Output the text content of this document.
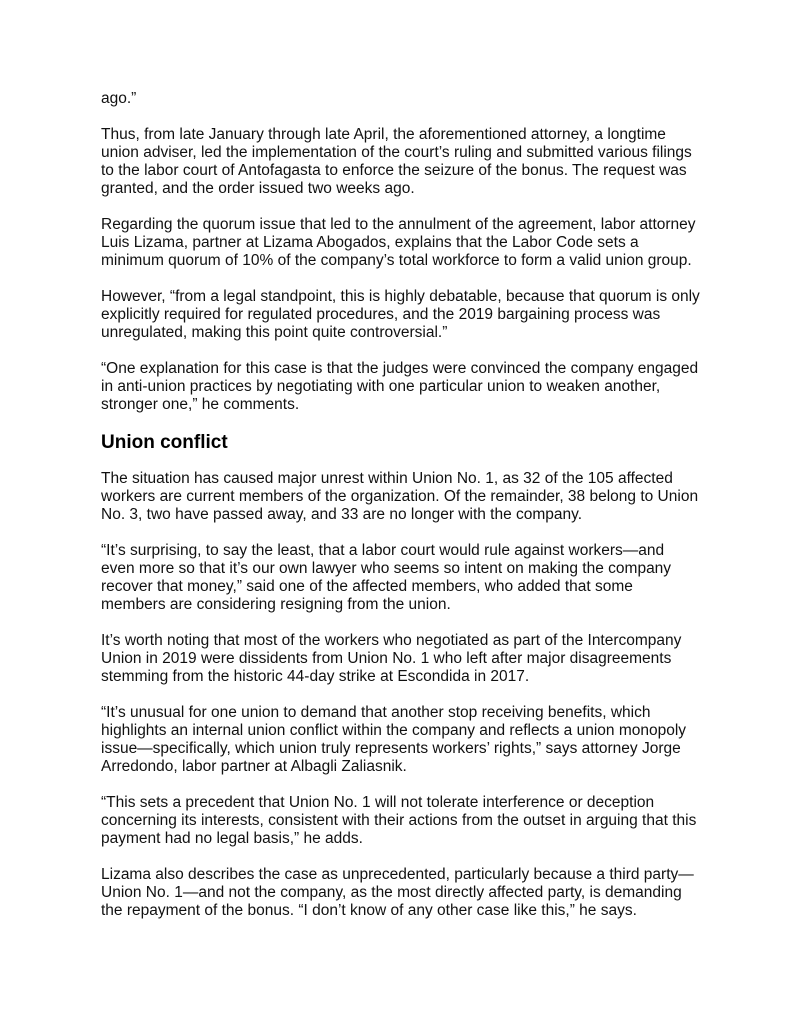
ago.”

Thus, from late January through late April, the aforementioned attorney, a longtime union adviser, led the implementation of the court’s ruling and submitted various filings to the labor court of Antofagasta to enforce the seizure of the bonus. The request was granted, and the order issued two weeks ago.

Regarding the quorum issue that led to the annulment of the agreement, labor attorney Luis Lizama, partner at Lizama Abogados, explains that the Labor Code sets a minimum quorum of 10% of the company’s total workforce to form a valid union group.

However, “from a legal standpoint, this is highly debatable, because that quorum is only explicitly required for regulated procedures, and the 2019 bargaining process was unregulated, making this point quite controversial.”

“One explanation for this case is that the judges were convinced the company engaged in anti-union practices by negotiating with one particular union to weaken another, stronger one,” he comments.

Union conflict

The situation has caused major unrest within Union No. 1, as 32 of the 105 affected workers are current members of the organization. Of the remainder, 38 belong to Union No. 3, two have passed away, and 33 are no longer with the company.

“It’s surprising, to say the least, that a labor court would rule against workers—and even more so that it’s our own lawyer who seems so intent on making the company recover that money,” said one of the affected members, who added that some members are considering resigning from the union.

It’s worth noting that most of the workers who negotiated as part of the Intercompany Union in 2019 were dissidents from Union No. 1 who left after major disagreements stemming from the historic 44-day strike at Escondida in 2017.

“It’s unusual for one union to demand that another stop receiving benefits, which highlights an internal union conflict within the company and reflects a union monopoly issue—specifically, which union truly represents workers’ rights,” says attorney Jorge Arredondo, labor partner at Albagli Zaliasnik.

“This sets a precedent that Union No. 1 will not tolerate interference or deception concerning its interests, consistent with their actions from the outset in arguing that this payment had no legal basis,” he adds.

Lizama also describes the case as unprecedented, particularly because a third party—Union No. 1—and not the company, as the most directly affected party, is demanding the repayment of the bonus. “I don’t know of any other case like this,” he says.
